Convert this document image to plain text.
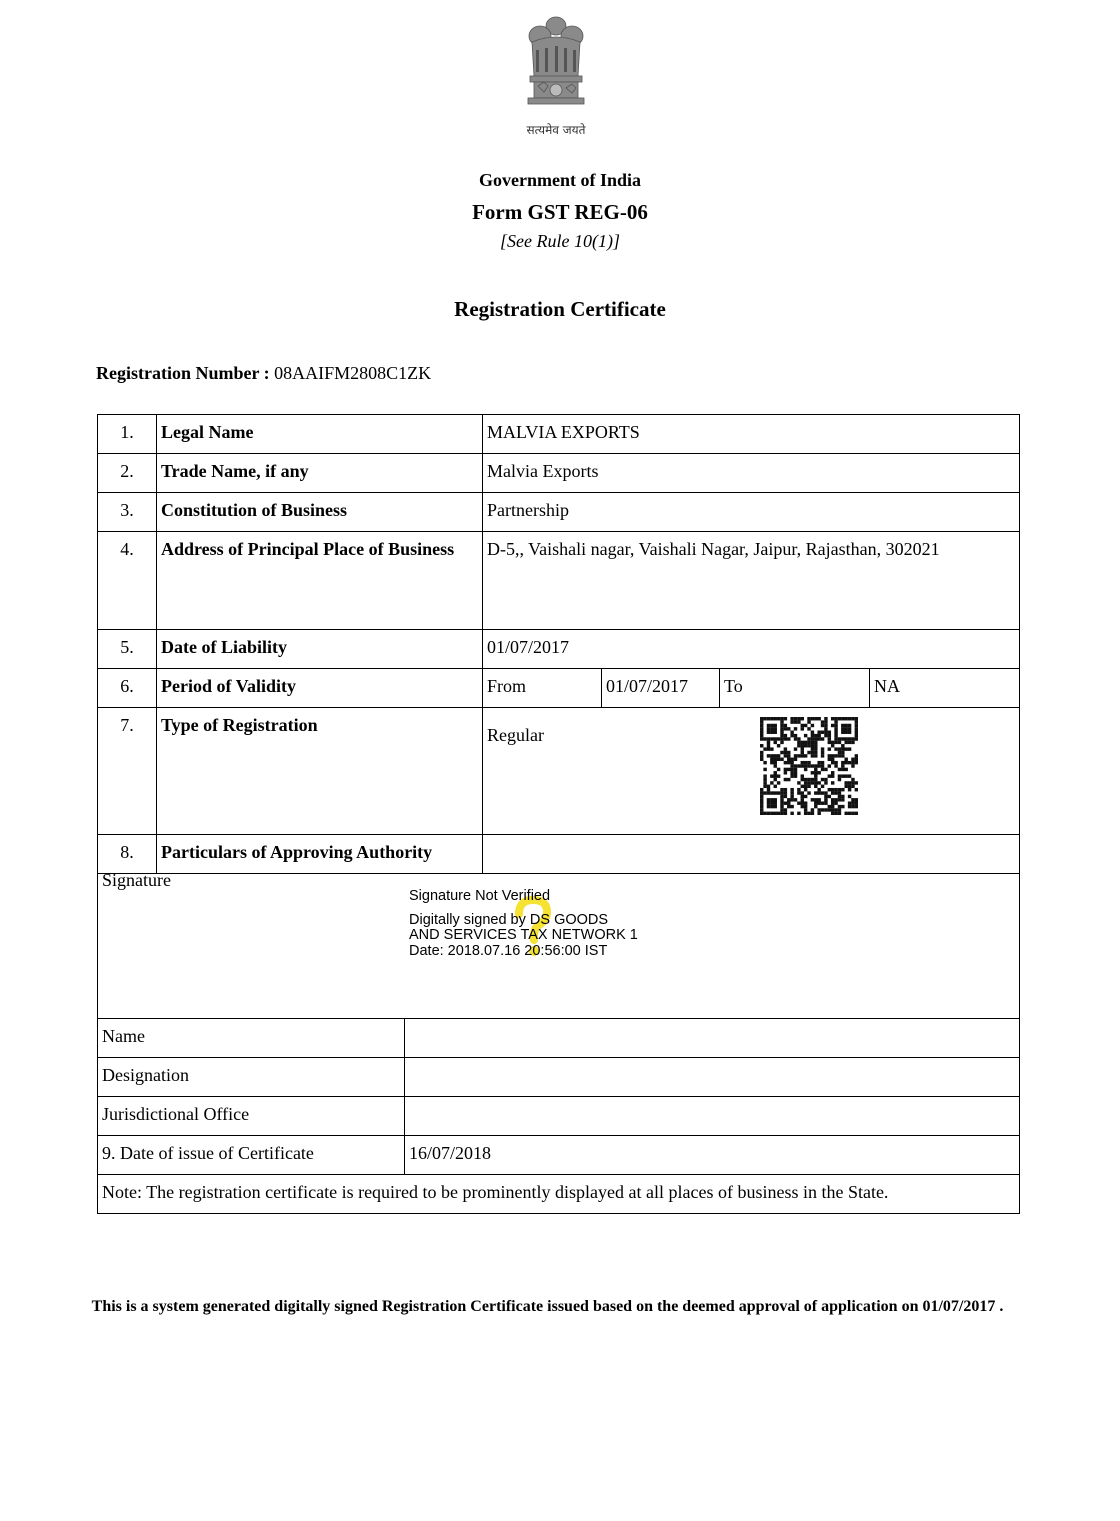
सत्यमेव जयते
Government of India
Form GST REG-06
[See Rule 10(1)]
Registration Certificate
Registration Number : 08AAIFM2808C1ZK
1.	Legal Name	MALVIA EXPORTS			
2.	Trade Name, if any	Malvia Exports			
3.	Constitution of Business	Partnership			
4.	Address of Principal Place of Business	D-5,, Vaishali nagar, Vaishali Nagar, Jaipur, Rajasthan, 302021			
5.	Date of Liability	01/07/2017			
6.	Period of Validity	From	01/07/2017	To	NA
7.	Type of Registration	Regular			
8.	Particulars of Approving Authority				
Signature	
Name	
Designation	
Jurisdictional Office	
9. Date of issue of Certificate	16/07/2018
Note: The registration certificate is required to be prominently displayed at all places of business in the State.	
Signature Not Verified
Digitally signed by DS GOODS
AND SERVICES TAX NETWORK 1
Date: 2018.07.16 20:56:00 IST
This is a system generated digitally signed Registration Certificate issued based on the deemed approval of application on 01/07/2017 .
